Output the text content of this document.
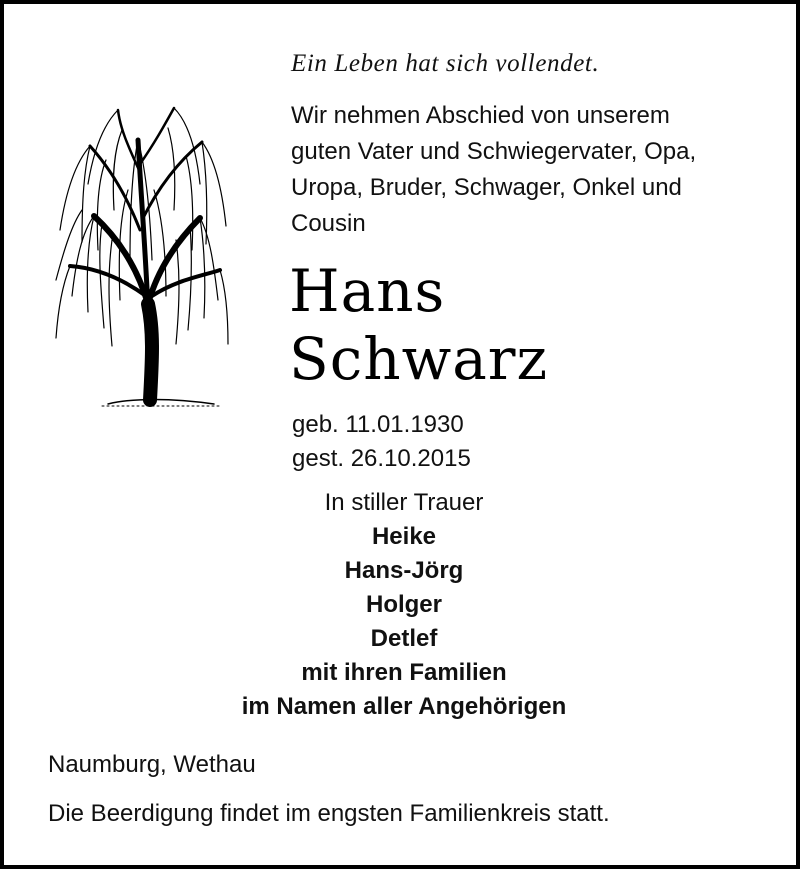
Ein Leben hat sich vollendet.
Wir nehmen Abschied von unserem
guten Vater und Schwiegervater, Opa,
Uropa, Bruder, Schwager, Onkel und
Cousin
Hans
Schwarz
geb. 11.01.1930
gest. 26.10.2015
In stiller Trauer
Heike
Hans-Jörg
Holger
Detlef
mit ihren Familien
im Namen aller Angehörigen
Naumburg, Wethau
Die Beerdigung findet im engsten Familienkreis statt.
